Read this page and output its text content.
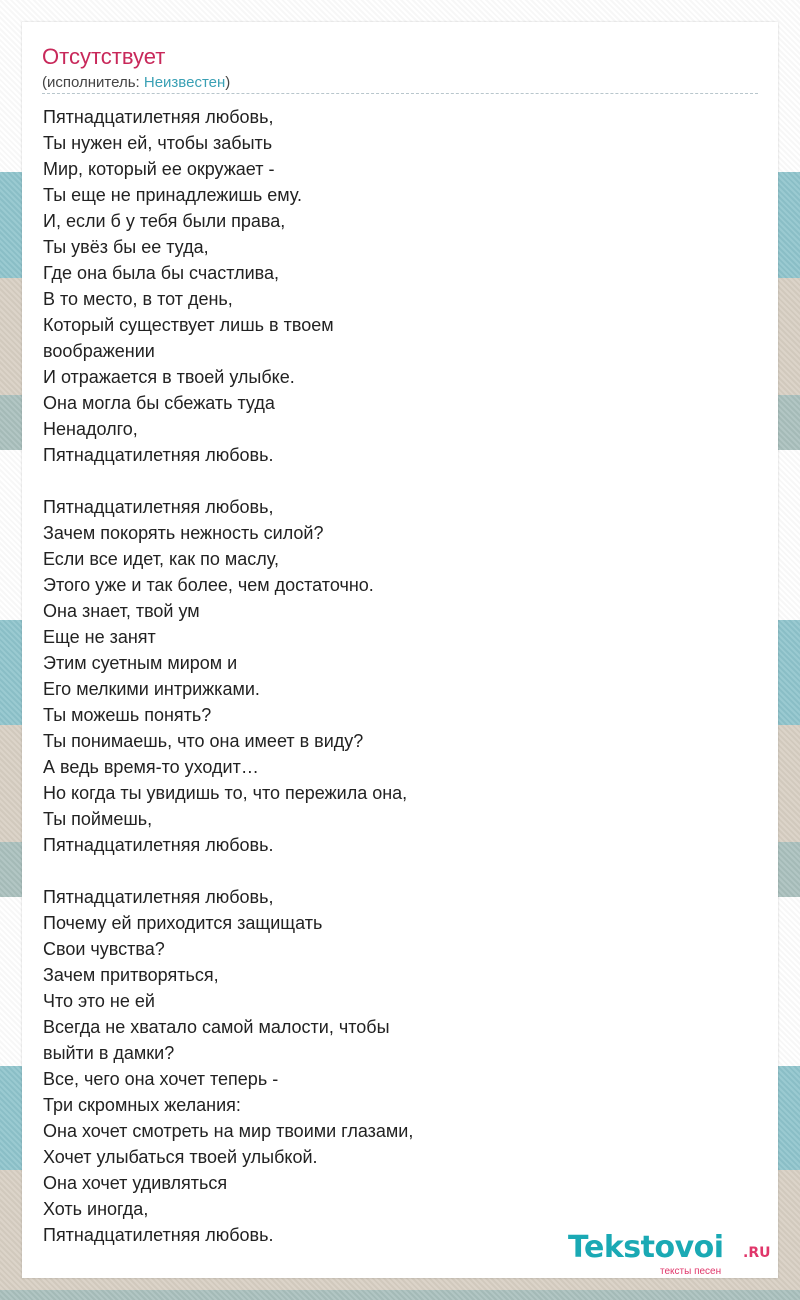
Отсутствует
(исполнитель: Неизвестен)
Пятнадцатилетняя любовь,
Ты нужен ей, чтобы забыть
Мир, который ее окружает -
Ты еще не принадлежишь ему.
И, если б у тебя были права,
Ты увёз бы ее туда,
Где она была бы счастлива,
В то место, в тот день,
Который существует лишь в твоем
воображении
И отражается в твоей улыбке.
Она могла бы сбежать туда
Ненадолго,
Пятнадцатилетняя любовь.
Пятнадцатилетняя любовь,
Зачем покорять нежность силой?
Если все идет, как по маслу,
Этого уже и так более, чем достаточно.
Она знает, твой ум
Еще не занят
Этим суетным миром и
Его мелкими интрижками.
Ты можешь понять?
Ты понимаешь, что она имеет в виду?
А ведь время-то уходит…
Но когда ты увидишь то, что пережила она,
Ты поймешь,
Пятнадцатилетняя любовь.
Пятнадцатилетняя любовь,
Почему ей приходится защищать
Свои чувства?
Зачем притворяться,
Что это не ей
Всегда не хватало самой малости, чтобы
выйти в дамки?
Все, чего она хочет теперь -
Три скромных желания:
Она хочет смотреть на мир твоими глазами,
Хочет улыбаться твоей улыбкой.
Она хочет удивляться
Хоть иногда,
Пятнадцатилетняя любовь.	Tekstovoi .RU
тексты песен
